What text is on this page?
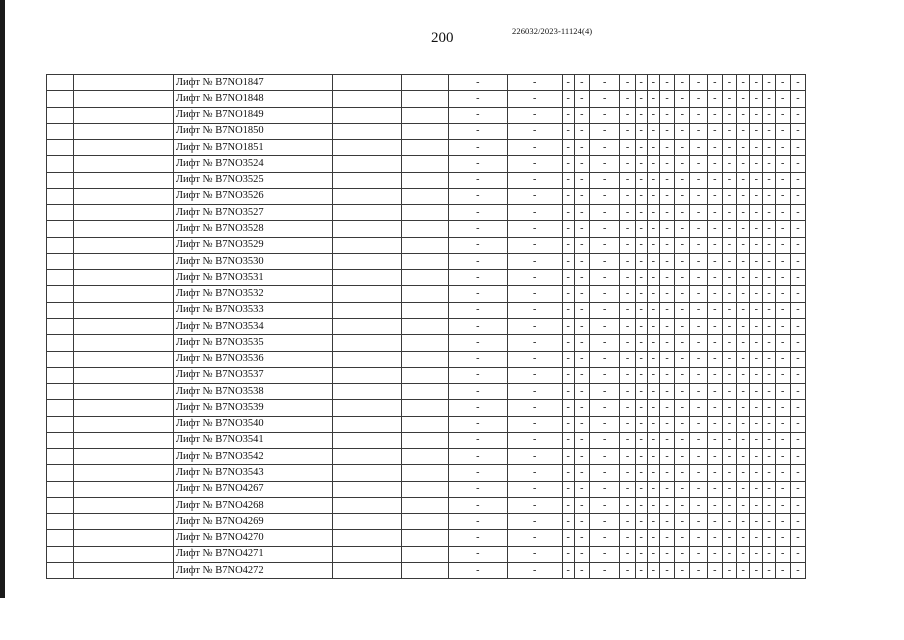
200	226032/2023-11124(4)
		Лифт № B7NO1847			-	-	-	-	-	-	-	-	-	-	-	-	-	-	-	-	-	-
		Лифт № B7NO1848			-	-	-	-	-	-	-	-	-	-	-	-	-	-	-	-	-	-
		Лифт № B7NO1849			-	-	-	-	-	-	-	-	-	-	-	-	-	-	-	-	-	-
		Лифт № B7NO1850			-	-	-	-	-	-	-	-	-	-	-	-	-	-	-	-	-	-
		Лифт № B7NO1851			-	-	-	-	-	-	-	-	-	-	-	-	-	-	-	-	-	-
		Лифт № B7NO3524			-	-	-	-	-	-	-	-	-	-	-	-	-	-	-	-	-	-
		Лифт № B7NO3525			-	-	-	-	-	-	-	-	-	-	-	-	-	-	-	-	-	-
		Лифт № B7NO3526			-	-	-	-	-	-	-	-	-	-	-	-	-	-	-	-	-	-
		Лифт № B7NO3527			-	-	-	-	-	-	-	-	-	-	-	-	-	-	-	-	-	-
		Лифт № B7NO3528			-	-	-	-	-	-	-	-	-	-	-	-	-	-	-	-	-	-
		Лифт № B7NO3529			-	-	-	-	-	-	-	-	-	-	-	-	-	-	-	-	-	-
		Лифт № B7NO3530			-	-	-	-	-	-	-	-	-	-	-	-	-	-	-	-	-	-
		Лифт № B7NO3531			-	-	-	-	-	-	-	-	-	-	-	-	-	-	-	-	-	-
		Лифт № B7NO3532			-	-	-	-	-	-	-	-	-	-	-	-	-	-	-	-	-	-
		Лифт № B7NO3533			-	-	-	-	-	-	-	-	-	-	-	-	-	-	-	-	-	-
		Лифт № B7NO3534			-	-	-	-	-	-	-	-	-	-	-	-	-	-	-	-	-	-
		Лифт № B7NO3535			-	-	-	-	-	-	-	-	-	-	-	-	-	-	-	-	-	-
		Лифт № B7NO3536			-	-	-	-	-	-	-	-	-	-	-	-	-	-	-	-	-	-
		Лифт № B7NO3537			-	-	-	-	-	-	-	-	-	-	-	-	-	-	-	-	-	-
		Лифт № B7NO3538			-	-	-	-	-	-	-	-	-	-	-	-	-	-	-	-	-	-
		Лифт № B7NO3539			-	-	-	-	-	-	-	-	-	-	-	-	-	-	-	-	-	-
		Лифт № B7NO3540			-	-	-	-	-	-	-	-	-	-	-	-	-	-	-	-	-	-
		Лифт № B7NO3541			-	-	-	-	-	-	-	-	-	-	-	-	-	-	-	-	-	-
		Лифт № B7NO3542			-	-	-	-	-	-	-	-	-	-	-	-	-	-	-	-	-	-
		Лифт № B7NO3543			-	-	-	-	-	-	-	-	-	-	-	-	-	-	-	-	-	-
		Лифт № B7NO4267			-	-	-	-	-	-	-	-	-	-	-	-	-	-	-	-	-	-
		Лифт № B7NO4268			-	-	-	-	-	-	-	-	-	-	-	-	-	-	-	-	-	-
		Лифт № B7NO4269			-	-	-	-	-	-	-	-	-	-	-	-	-	-	-	-	-	-
		Лифт № B7NO4270			-	-	-	-	-	-	-	-	-	-	-	-	-	-	-	-	-	-
		Лифт № B7NO4271			-	-	-	-	-	-	-	-	-	-	-	-	-	-	-	-	-	-
		Лифт № B7NO4272			-	-	-	-	-	-	-	-	-	-	-	-	-	-	-	-	-	-
